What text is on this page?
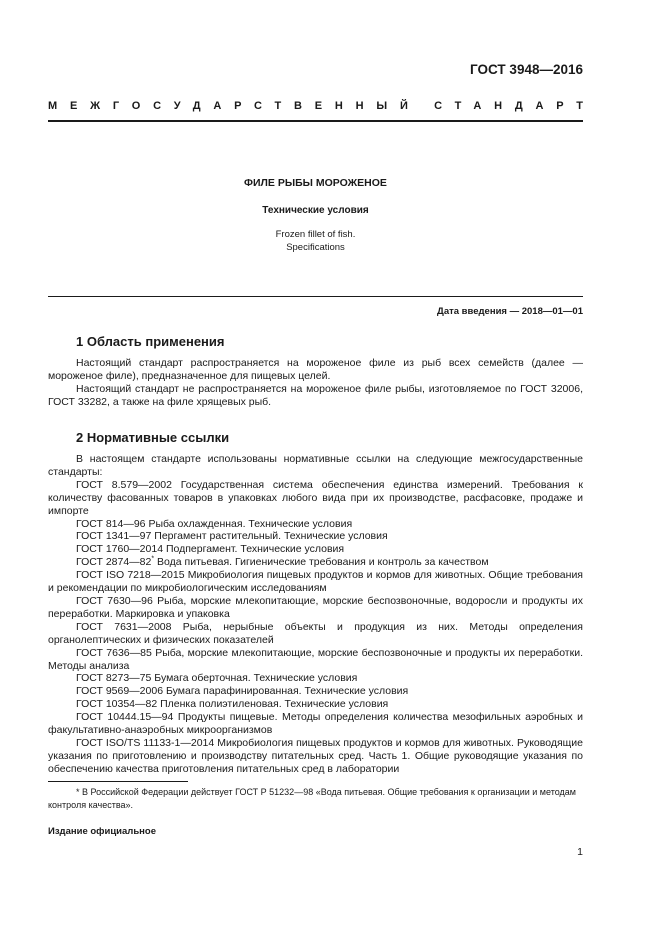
ГОСТ 3948—2016
МЕЖГОСУДАРСТВЕННЫЙ СТАНДАРТ
ФИЛЕ РЫБЫ МОРОЖЕНОЕ
Технические условия
Frozen fillet of fish.
Specifications
Дата введения — 2018—01—01
1 Область применения

Настоящий стандарт распространяется на мороженое филе из рыб всех семейств (далее — мороженое филе), предназначенное для пищевых целей.

Настоящий стандарт не распространяется на мороженое филе рыбы, изготовляемое по ГОСТ 32006, ГОСТ 33282, а также на филе хрящевых рыб.

2 Нормативные ссылки

В настоящем стандарте использованы нормативные ссылки на следующие межгосударственные стандарты:

ГОСТ 8.579—2002 Государственная система обеспечения единства измерений. Требования к количеству фасованных товаров в упаковках любого вида при их производстве, расфасовке, продаже и импорте

ГОСТ 814—96 Рыба охлажденная. Технические условия

ГОСТ 1341—97 Пергамент растительный. Технические условия

ГОСТ 1760—2014 Подпергамент. Технические условия

ГОСТ 2874—82* Вода питьевая. Гигиенические требования и контроль за качеством

ГОСТ ISO 7218—2015 Микробиология пищевых продуктов и кормов для животных. Общие требования и рекомендации по микробиологическим исследованиям

ГОСТ 7630—96 Рыба, морские млекопитающие, морские беспозвоночные, водоросли и продукты их переработки. Маркировка и упаковка

ГОСТ 7631—2008 Рыба, нерыбные объекты и продукция из них. Методы определения органолептических и физических показателей

ГОСТ 7636—85 Рыба, морские млекопитающие, морские беспозвоночные и продукты их переработки. Методы анализа

ГОСТ 8273—75 Бумага оберточная. Технические условия

ГОСТ 9569—2006 Бумага парафинированная. Технические условия

ГОСТ 10354—82 Пленка полиэтиленовая. Технические условия

ГОСТ 10444.15—94 Продукты пищевые. Методы определения количества мезофильных аэробных и факультативно-анаэробных микроорганизмов

ГОСТ ISO/TS 11133-1—2014 Микробиология пищевых продуктов и кормов для животных. Руководящие указания по приготовлению и производству питательных сред. Часть 1. Общие руководящие указания по обеспечению качества приготовления питательных сред в лаборатории

* В Российской Федерации действует ГОСТ Р 51232—98 «Вода питьевая. Общие требования к организации и методам контроля качества».

Издание официальное
1
